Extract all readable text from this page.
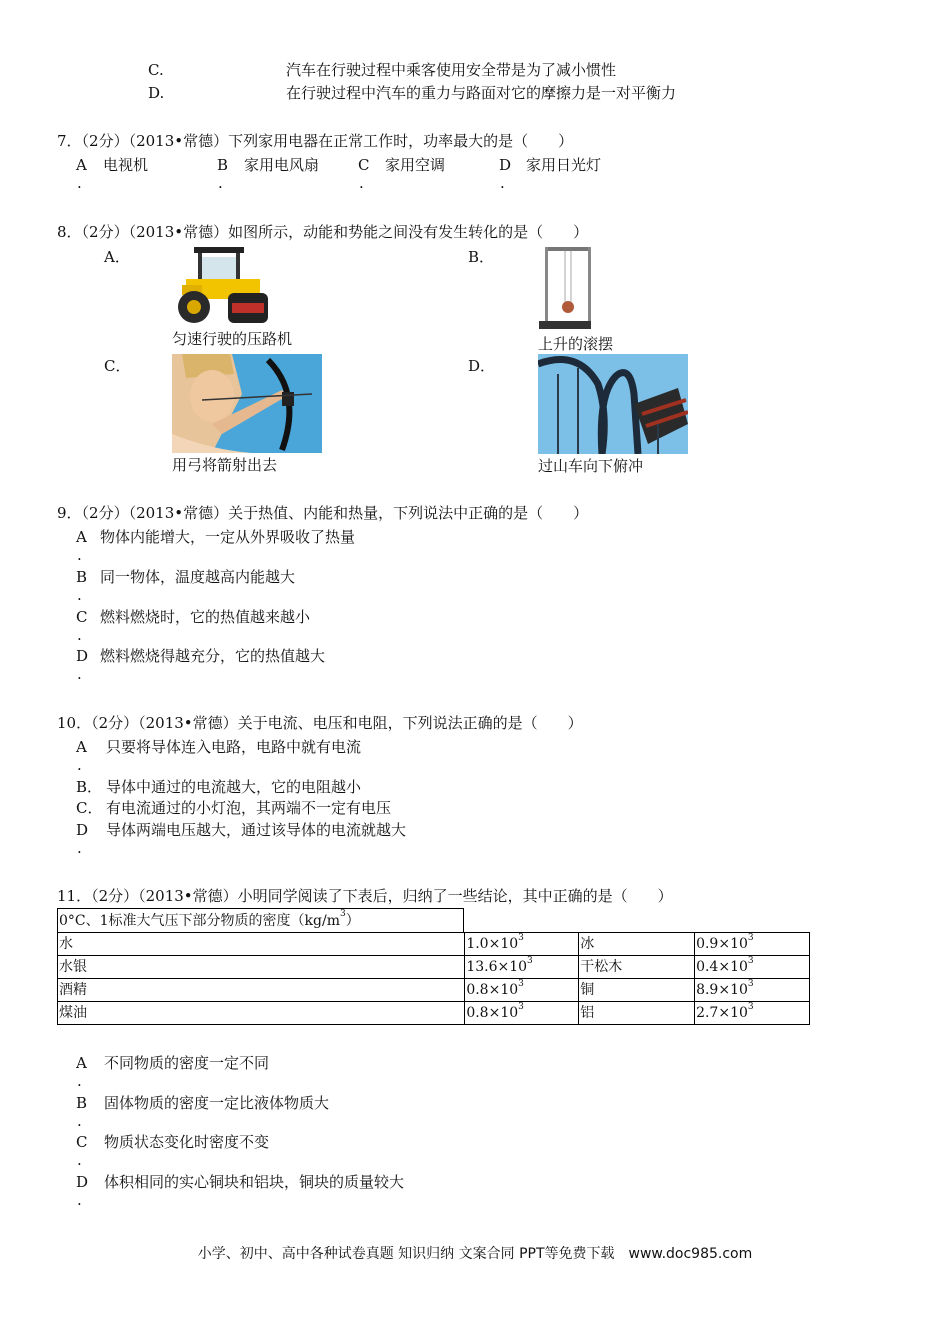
C.	汽车在行驶过程中乘客使用安全带是为了减小惯性
D.	在行驶过程中汽车的重力与路面对它的摩擦力是一对平衡力
7．（2分）（2013•常德）下列家用电器在正常工作时，功率最大的是（　　）
A
.
电视机	B
.
家用电风扇	C
.
家用空调	D
.
家用日光灯
8．（2分）（2013•常德）如图所示，动能和势能之间没有发生转化的是（　　）
A．
匀速行驶的压路机
B．
上升的滚摆
C．
用弓将箭射出去
D．
过山车向下俯冲
9．（2分）（2013•常德）关于热值、内能和热量，下列说法中正确的是（　　）
A 物体内能增大，一定从外界吸收了热量
.
B 同一物体，温度越高内能越大
.
C 燃料燃烧时，它的热值越来越小
.
D 燃料燃烧得越充分，它的热值越大
.
10．（2分）（2013•常德）关于电流、电压和电阻，下列说法正确的是（　　）
A 只要将导体连入电路，电路中就有电流
.
B． 导体中通过的电流越大，它的电阻越小
C． 有电流通过的小灯泡，其两端不一定有电压
D 导体两端电压越大，通过该导体的电流就越大
.
11．（2分）（2013•常德）小明同学阅读了下表后，归纳了一些结论，其中正确的是（　　）
0°C、1标准大气压下部分物质的密度$(kg/m^3)$
水	$1.0\times 10^3$	冰	$0.9\times 10^3$
水银	$13.6\times 10^3$	干松木	$0.4\times 10^3$
酒精	$0.8\times 10^3$	铜	$8.9\times 10^3$
煤油	$0.8\times 10^3$	铝	$2.7\times 10^3$
A 不同物质的密度一定不同
.
B 固体物质的密度一定比液体物质大
.
C 物质状态变化时密度不变
.
D 体积相同的实心铜块和铝块，铜块的质量较大
.
小学、初中、高中各种试卷真题 知识归纳 文案合同 PPT等免费下载　www.doc985.com
